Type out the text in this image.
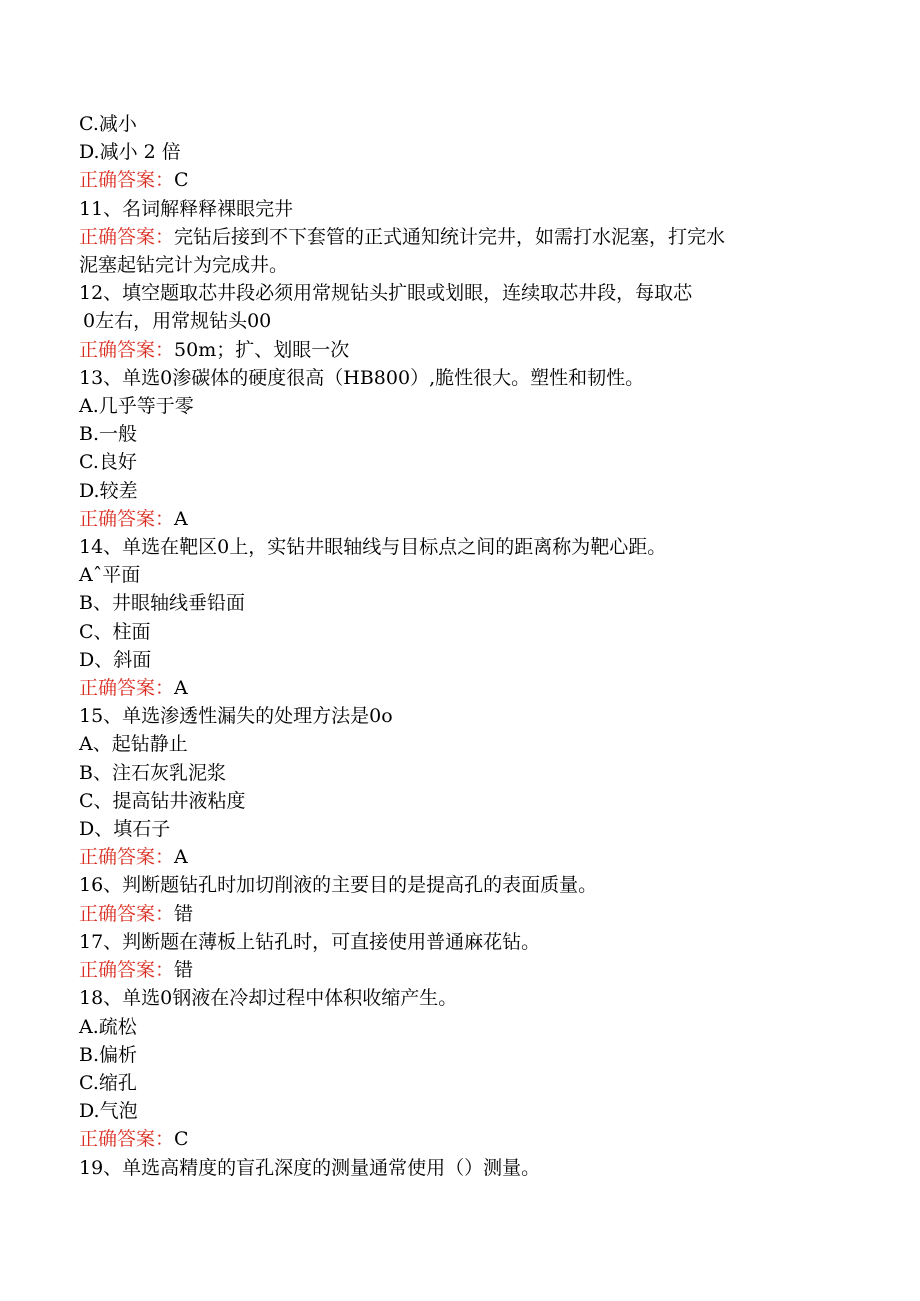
C.减小

D.减小 2 倍

正确答案：C

11、名词解释释裸眼完井

正确答案：完钻后接到不下套管的正式通知统计完井，如需打水泥塞，打完水

泥塞起钻完计为完成井。

12、填空题取芯井段必须用常规钻头扩眼或划眼，连续取芯井段，每取芯

0左右，用常规钻头00

正确答案：50m；扩、划眼一次

13、单选0渗碳体的硬度很高（HB800）,脆性很大。塑性和韧性。

A.几乎等于零

B.一般

C.良好

D.较差

正确答案：A

14、单选在靶区0上，实钻井眼轴线与目标点之间的距离称为靶心距。

Aˆ平面

B、井眼轴线垂铅面

C、柱面

D、斜面

正确答案：A

15、单选渗透性漏失的处理方法是0o

A、起钻静止

B、注石灰乳泥浆

C、提高钻井液粘度

D、填石子

正确答案：A

16、判断题钻孔时加切削液的主要目的是提高孔的表面质量。

正确答案：错

17、判断题在薄板上钻孔时，可直接使用普通麻花钻。

正确答案：错

18、单选0钢液在冷却过程中体积收缩产生。

A.疏松

B.偏析

C.缩孔

D.气泡

正确答案：C

19、单选高精度的盲孔深度的测量通常使用（）测量。
